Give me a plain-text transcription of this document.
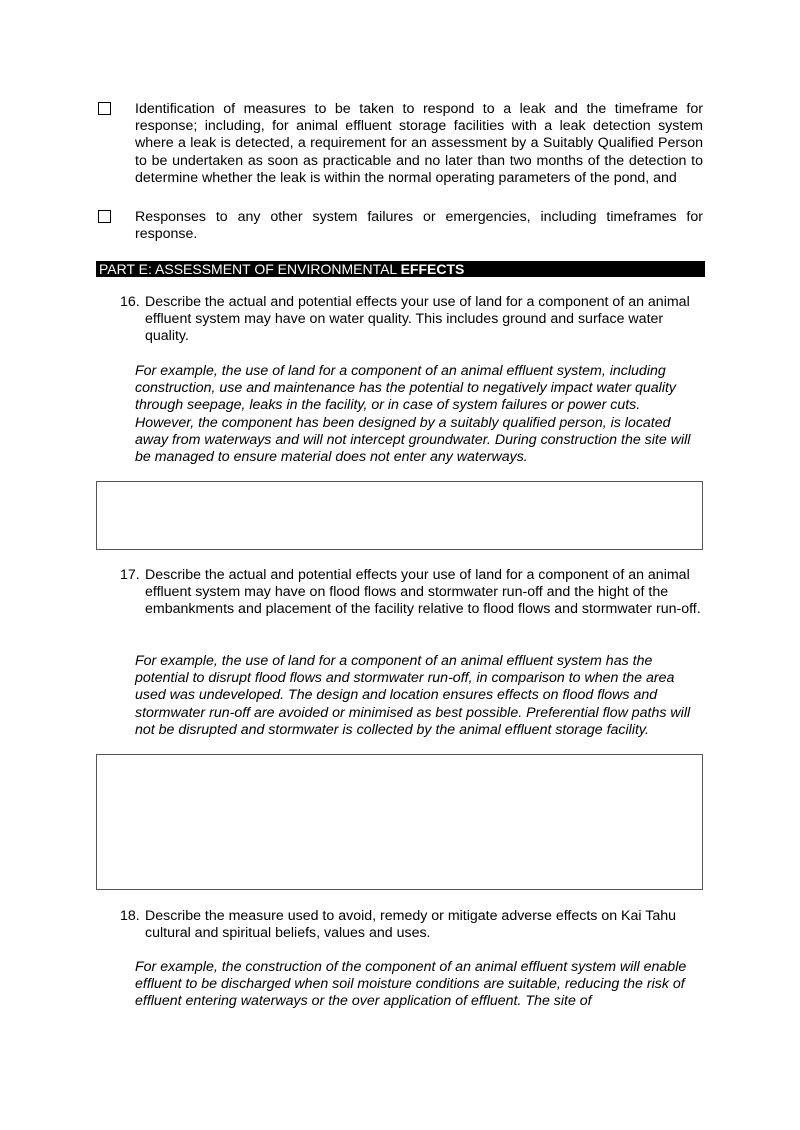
Identification of measures to be taken to respond to a leak and the timeframe for response; including, for animal effluent storage facilities with a leak detection system where a leak is detected, a requirement for an assessment by a Suitably Qualified Person to be undertaken as soon as practicable and no later than two months of the detection to determine whether the leak is within the normal operating parameters of the pond, and
Responses to any other system failures or emergencies, including timeframes for response.
PART E: ASSESSMENT OF ENVIRONMENTAL EFFECTS
16. Describe the actual and potential effects your use of land for a component of an animal effluent system may have on water quality. This includes ground and surface water quality.
For example, the use of land for a component of an animal effluent system, including construction, use and maintenance has the potential to negatively impact water quality through seepage, leaks in the facility, or in case of system failures or power cuts. However, the component has been designed by a suitably qualified person, is located away from waterways and will not intercept groundwater. During construction the site will be managed to ensure material does not enter any waterways.
17. Describe the actual and potential effects your use of land for a component of an animal effluent system may have on flood flows and stormwater run-off and the hight of the embankments and placement of the facility relative to flood flows and stormwater run-off.
For example, the use of land for a component of an animal effluent system has the potential to disrupt flood flows and stormwater run-off, in comparison to when the area used was undeveloped. The design and location ensures effects on flood flows and stormwater run-off are avoided or minimised as best possible. Preferential flow paths will not be disrupted and stormwater is collected by the animal effluent storage facility.
18. Describe the measure used to avoid, remedy or mitigate adverse effects on Kai Tahu cultural and spiritual beliefs, values and uses.
For example, the construction of the component of an animal effluent system will enable effluent to be discharged when soil moisture conditions are suitable, reducing the risk of effluent entering waterways or the over application of effluent. The site of
